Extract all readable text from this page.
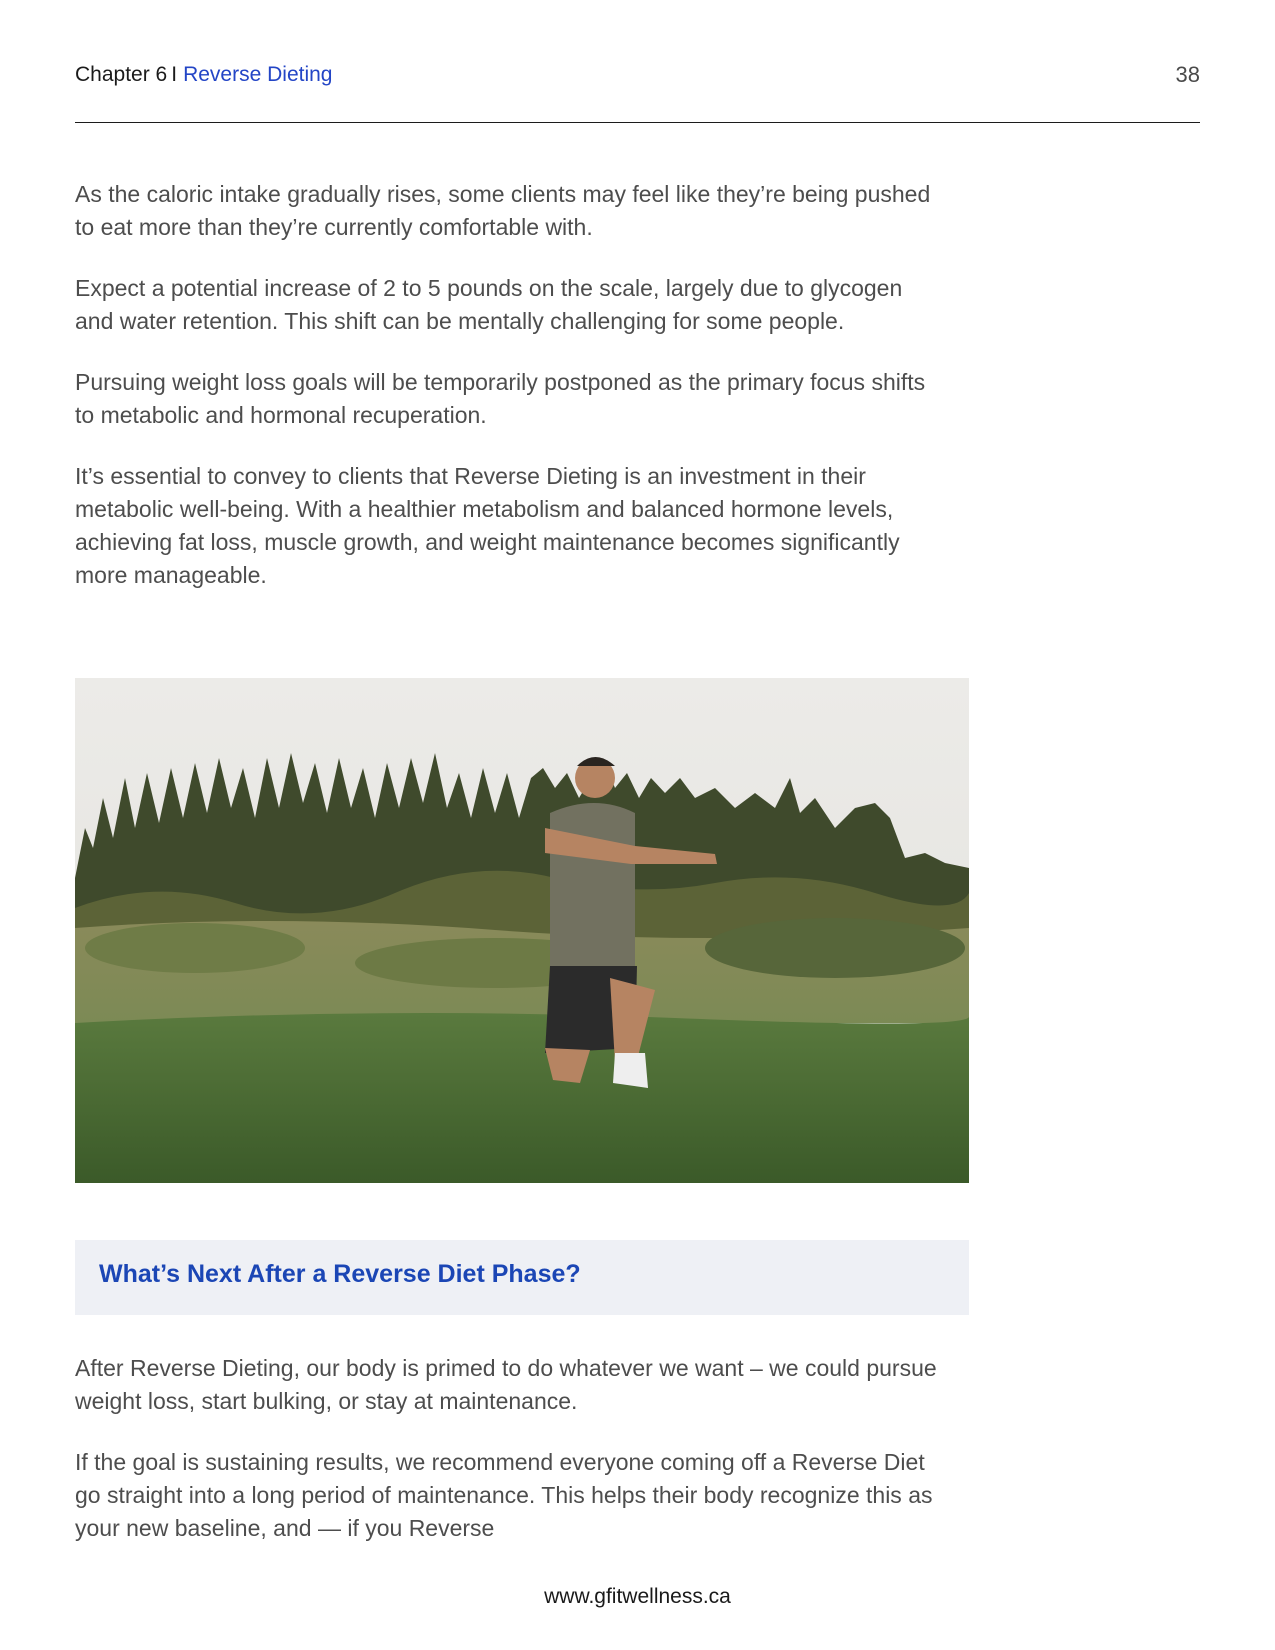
Chapter 6 I Reverse Dieting	38

As the caloric intake gradually rises, some clients may feel like they’re being pushed to eat more than they’re currently comfortable with.

Expect a potential increase of 2 to 5 pounds on the scale, largely due to glycogen and water retention. This shift can be mentally challenging for some people.

Pursuing weight loss goals will be temporarily postponed as the primary focus shifts to metabolic and hormonal recuperation.

It’s essential to convey to clients that Reverse Dieting is an investment in their metabolic well-being. With a healthier metabolism and balanced hormone levels, achieving fat loss, muscle growth, and weight maintenance becomes significantly more manageable.

What’s Next After a Reverse Diet Phase?

After Reverse Dieting, our body is primed to do whatever we want – we could pursue weight loss, start bulking, or stay at maintenance.

If the goal is sustaining results, we recommend everyone coming off a Reverse Diet go straight into a long period of maintenance. This helps their body recognize this as your new baseline, and — if you Reverse

www.gfitwellness.ca
